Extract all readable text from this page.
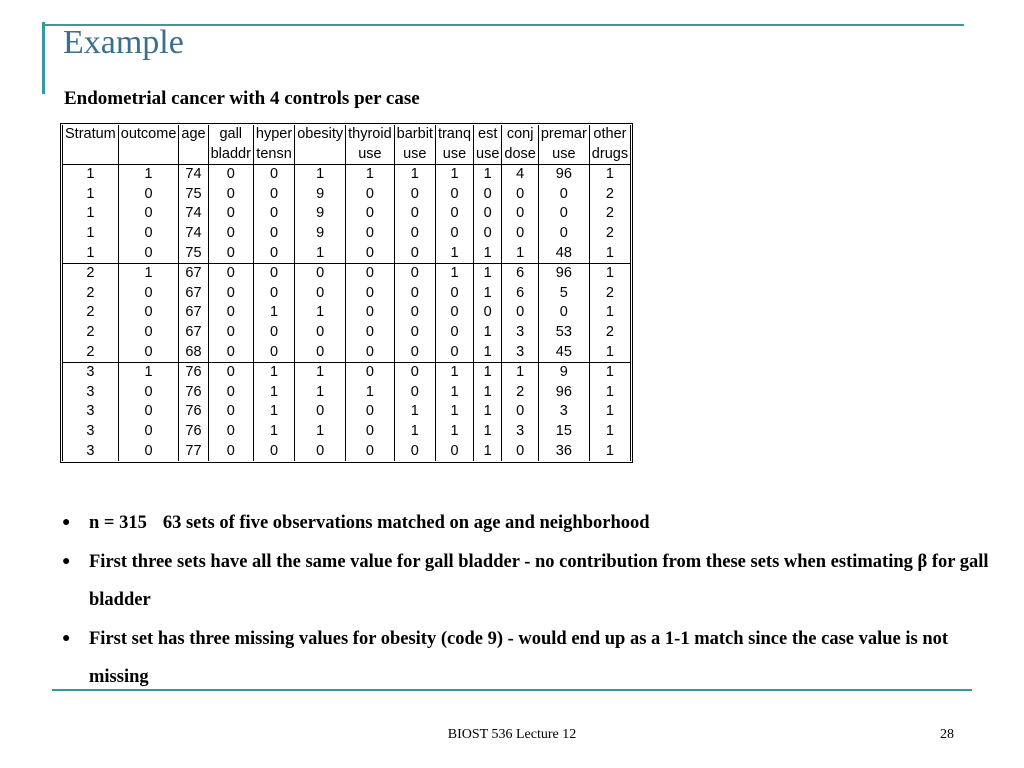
Example
Endometrial cancer with 4 controls per case
Stratum	outcome	age	gall	hyper	obesity	thyroid	barbit	tranq	est	conj	premar	other
			bladdr	tensn		use	use	use	use	dose	use	drugs
1	1	74	0	0	1	1	1	1	1	4	96	1
1	0	75	0	0	9	0	0	0	0	0	0	2
1	0	74	0	0	9	0	0	0	0	0	0	2
1	0	74	0	0	9	0	0	0	0	0	0	2
1	0	75	0	0	1	0	0	1	1	1	48	1
2	1	67	0	0	0	0	0	1	1	6	96	1
2	0	67	0	0	0	0	0	0	1	6	5	2
2	0	67	0	1	1	0	0	0	0	0	0	1
2	0	67	0	0	0	0	0	0	1	3	53	2
2	0	68	0	0	0	0	0	0	1	3	45	1
3	1	76	0	1	1	0	0	1	1	1	9	1
3	0	76	0	1	1	1	0	1	1	2	96	1
3	0	76	0	1	0	0	1	1	1	0	3	1
3	0	76	0	1	1	0	1	1	1	3	15	1
3	0	77	0	0	0	0	0	0	1	0	36	1
● n = 315 63 sets of five observations matched on age and neighborhood
● First three sets have all the same value for gall bladder - no contribution from these sets when estimating β for gall bladder
● First set has three missing values for obesity (code 9) - would end up as a 1-1 match since the case value is not missing
BIOST 536 Lecture 12	28
